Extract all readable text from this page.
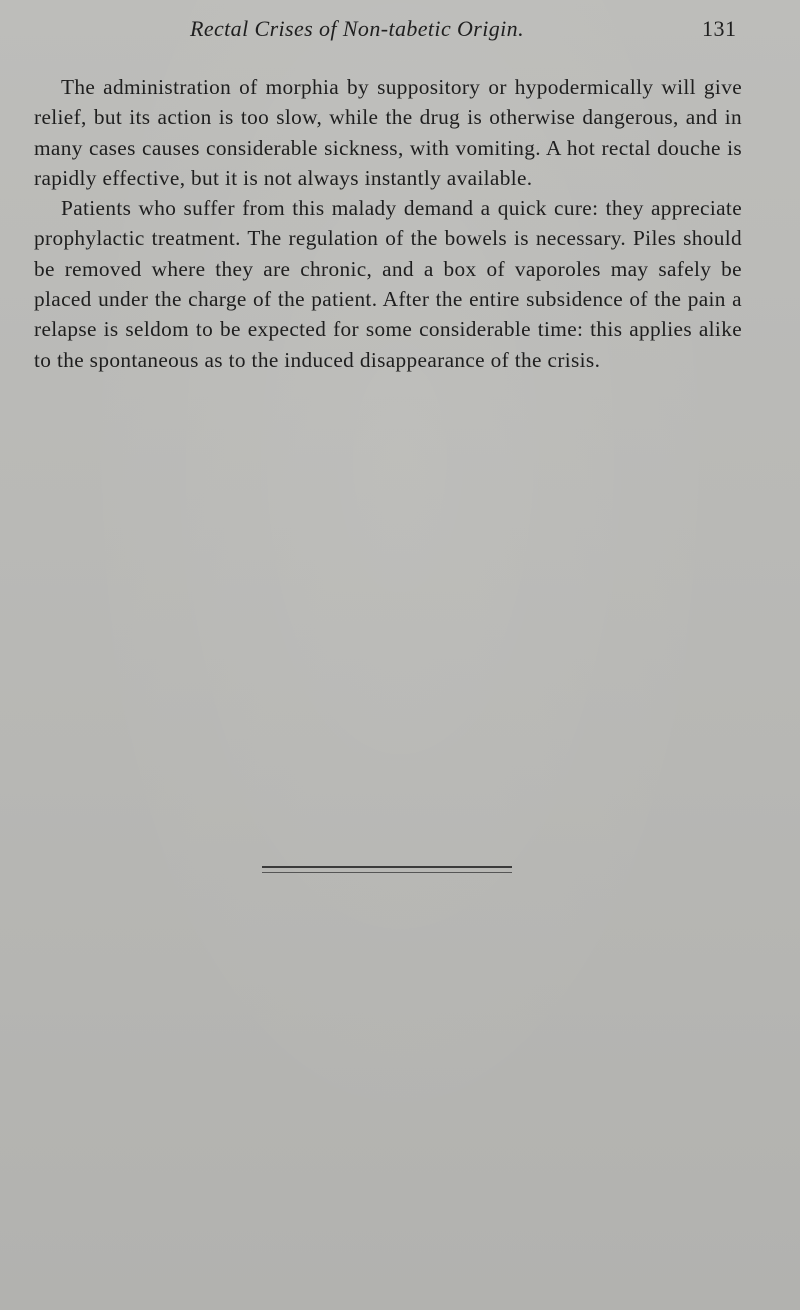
Rectal Crises of Non-tabetic Origin.	131

The administration of morphia by suppository or hypodermically will give relief, but its action is too slow, while the drug is otherwise dangerous, and in many cases causes considerable sickness, with vomiting. A hot rectal douche is rapidly effective, but it is not always instantly available.

Patients who suffer from this malady demand a quick cure: they appreciate prophylactic treatment. The regulation of the bowels is necessary. Piles should be removed where they are chronic, and a box of vaporoles may safely be placed under the charge of the patient. After the entire subsidence of the pain a relapse is seldom to be expected for some considerable time: this applies alike to the spontaneous as to the induced disappearance of the crisis.
